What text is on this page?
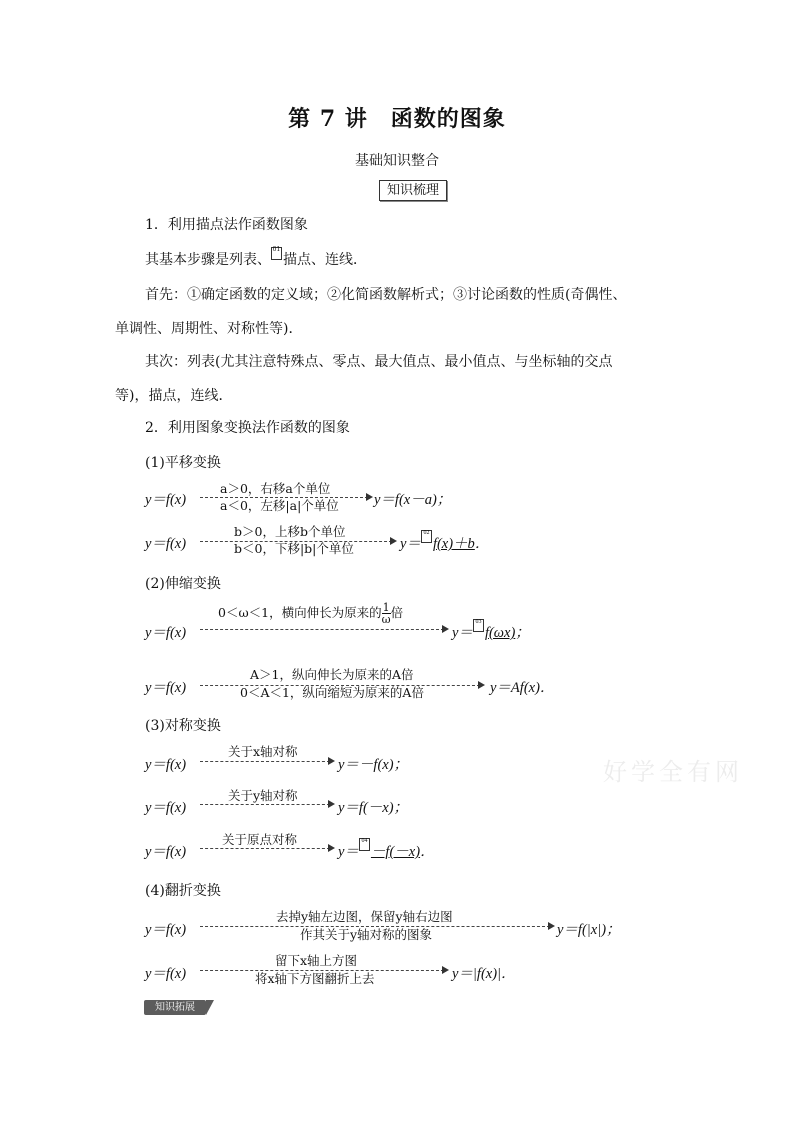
第 7 讲　函数的图象
基础知识整合
知识梳理
1．利用描点法作函数图象
其基本步骤是列表、01描点、连线．
首先：①确定函数的定义域；②化简函数解析式；③讨论函数的性质(奇偶性、
单调性、周期性、对称性等)．
其次：列表(尤其注意特殊点、零点、最大值点、最小值点、与坐标轴的交点
等)，描点，连线．
2．利用图象变换法作函数的图象
(1)平移变换
y＝f(x)
a＞0，右移a个单位
a＜0，左移|a|个单位 y＝f(x－a)；
y＝f(x)
b＞0，上移b个单位
b＜0，下移|b|个单位	y＝02f(x)＋b．
(2)伸缩变换
y＝f(x)
0＜ω＜1，横向伸长为原来的 $\frac{1}{\omega}$ 倍
y＝03f(ωx)；
y＝f(x)
A＞1，纵向伸长为原来的A倍
0＜A＜1，纵向缩短为原来的A倍	y＝Af(x)．
(3)对称变换
y＝f(x)
关于x轴对称
y＝－f(x)；
y＝f(x)
关于y轴对称
y＝f(－x)；
y＝f(x)
关于原点对称
y＝04－f(－x)．
(4)翻折变换
y＝f(x)
去掉y轴左边图，保留y轴右边图
作其关于y轴对称的图象	y＝f(|x|)；
y＝f(x)
留下x轴上方图
将x轴下方图翻折上去	y＝|f(x)|．
好学全有网
知识拓展
